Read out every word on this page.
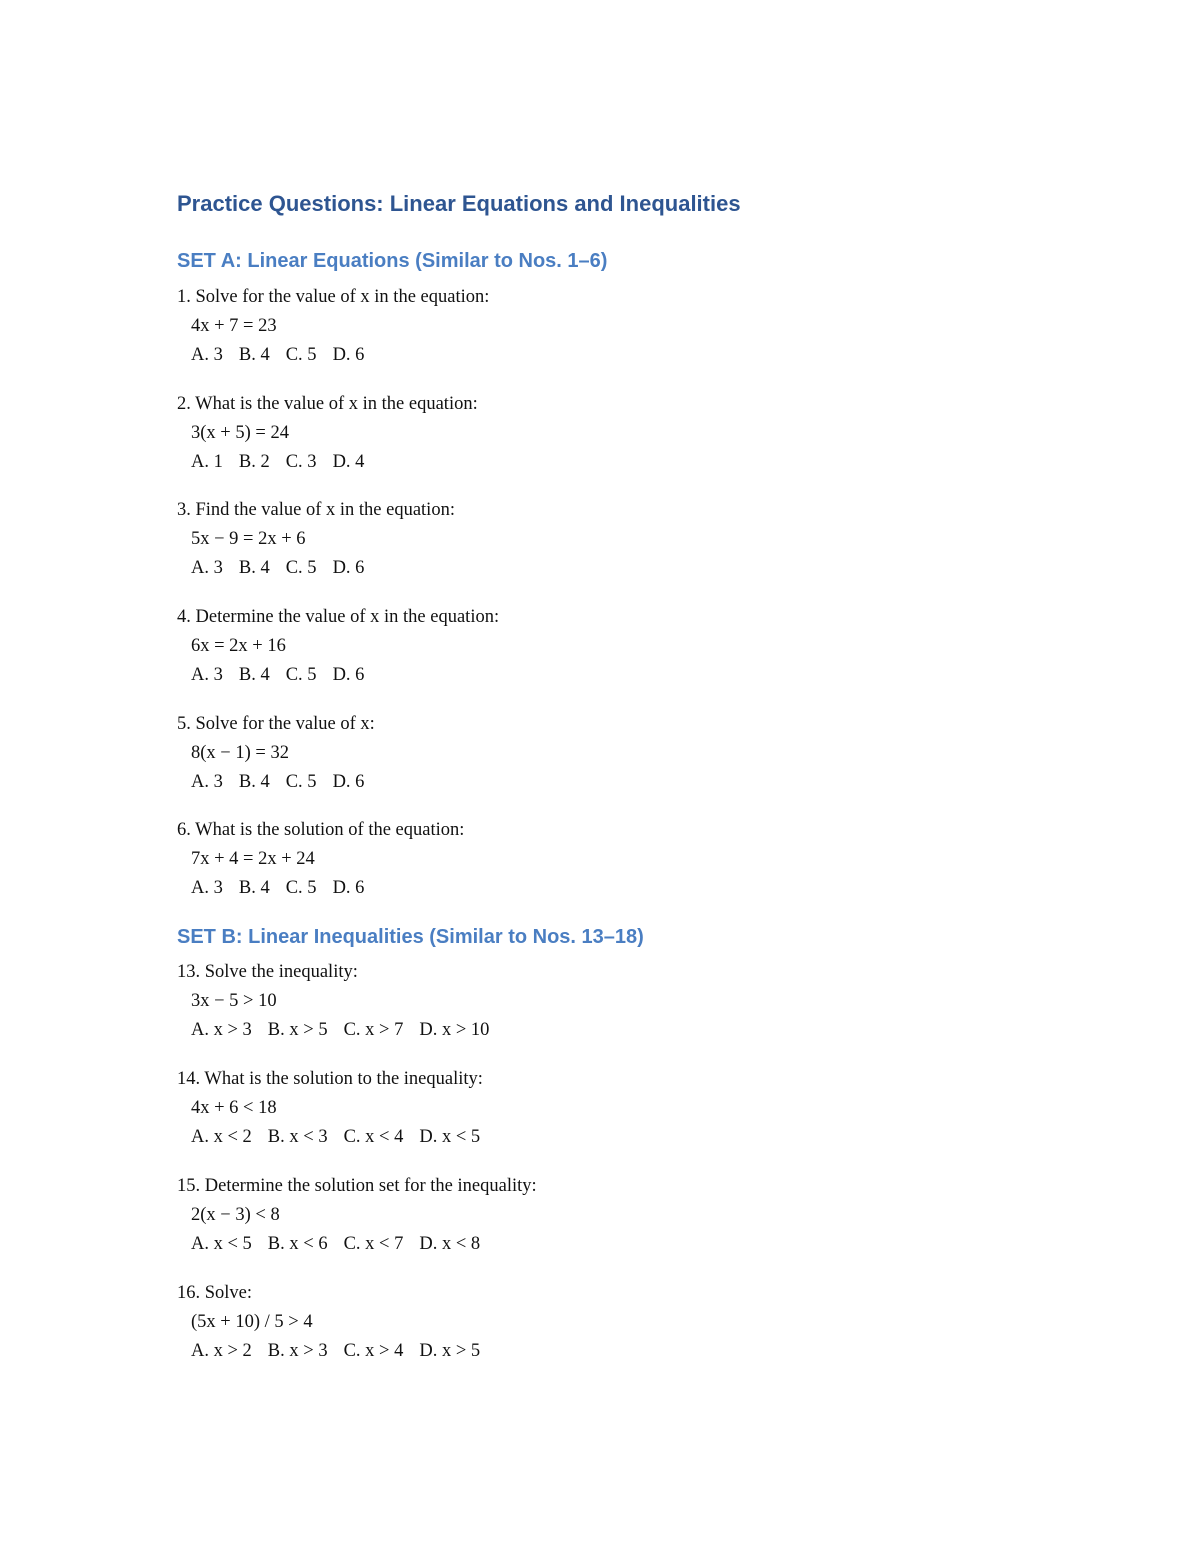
Practice Questions: Linear Equations and Inequalities
SET A: Linear Equations (Similar to Nos. 1–6)
1. Solve for the value of x in the equation:
4x + 7 = 23
A. 3 B. 4 C. 5 D. 6
2. What is the value of x in the equation:
3(x + 5) = 24
A. 1 B. 2 C. 3 D. 4
3. Find the value of x in the equation:
5x − 9 = 2x + 6
A. 3 B. 4 C. 5 D. 6
4. Determine the value of x in the equation:
6x = 2x + 16
A. 3 B. 4 C. 5 D. 6
5. Solve for the value of x:
8(x − 1) = 32
A. 3 B. 4 C. 5 D. 6
6. What is the solution of the equation:
7x + 4 = 2x + 24
A. 3 B. 4 C. 5 D. 6
SET B: Linear Inequalities (Similar to Nos. 13–18)
13. Solve the inequality:
3x − 5 > 10
A. x > 3 B. x > 5 C. x > 7 D. x > 10
14. What is the solution to the inequality:
4x + 6 < 18
A. x < 2 B. x < 3 C. x < 4 D. x < 5
15. Determine the solution set for the inequality:
2(x − 3) < 8
A. x < 5 B. x < 6 C. x < 7 D. x < 8
16. Solve:
(5x + 10) / 5 > 4
A. x > 2 B. x > 3 C. x > 4 D. x > 5
